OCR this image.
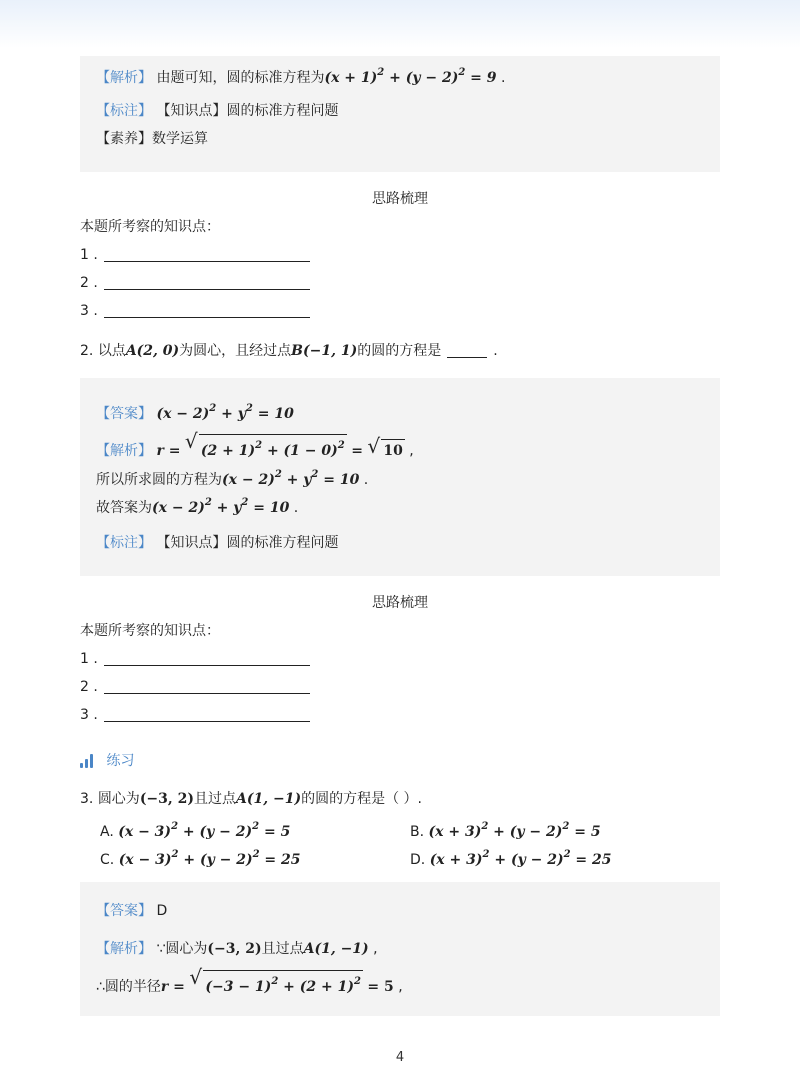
【解析】 由题可知，圆的标准方程为$(x + 1)^2 + (y - 2)^2 = 9$ .
【标注】 【知识点】圆的标准方程问题
【素养】数学运算
思路梳理
本题所考察的知识点：
1 .
2 .
3 .
2. 以点A(2, 0)为圆心，且经过点B(−1, 1)的圆的方程是	.
【答案】 $(x - 2)^2 + y^2 = 10$
【解析】 r = √ $(2 + 1)^2 + (1 - 0)^2$ = √ 10 ,
所以所求圆的方程为$(x - 2)^2 + y^2 = 10$ .
故答案为$(x - 2)^2 + y^2 = 10$ .
【标注】 【知识点】圆的标准方程问题
思路梳理
本题所考察的知识点：
1 .
2 .
3 .
练习
3. 圆心为(−3, 2)且过点A(1, −1)的圆的方程是（ ）.
A. $(x - 3)^2 + (y - 2)^2 = 5$	B. $(x + 3)^2 + (y - 2)^2 = 5$
C. $(x - 3)^2 + (y - 2)^2 = 25$	D. $(x + 3)^2 + (y - 2)^2 = 25$
【答案】 D
【解析】 ∵圆心为(−3, 2)且过点A(1, −1) ,
∴圆的半径r = √ $(-3 - 1)^2 + (2 + 1)^2 = 5$ ,
4
